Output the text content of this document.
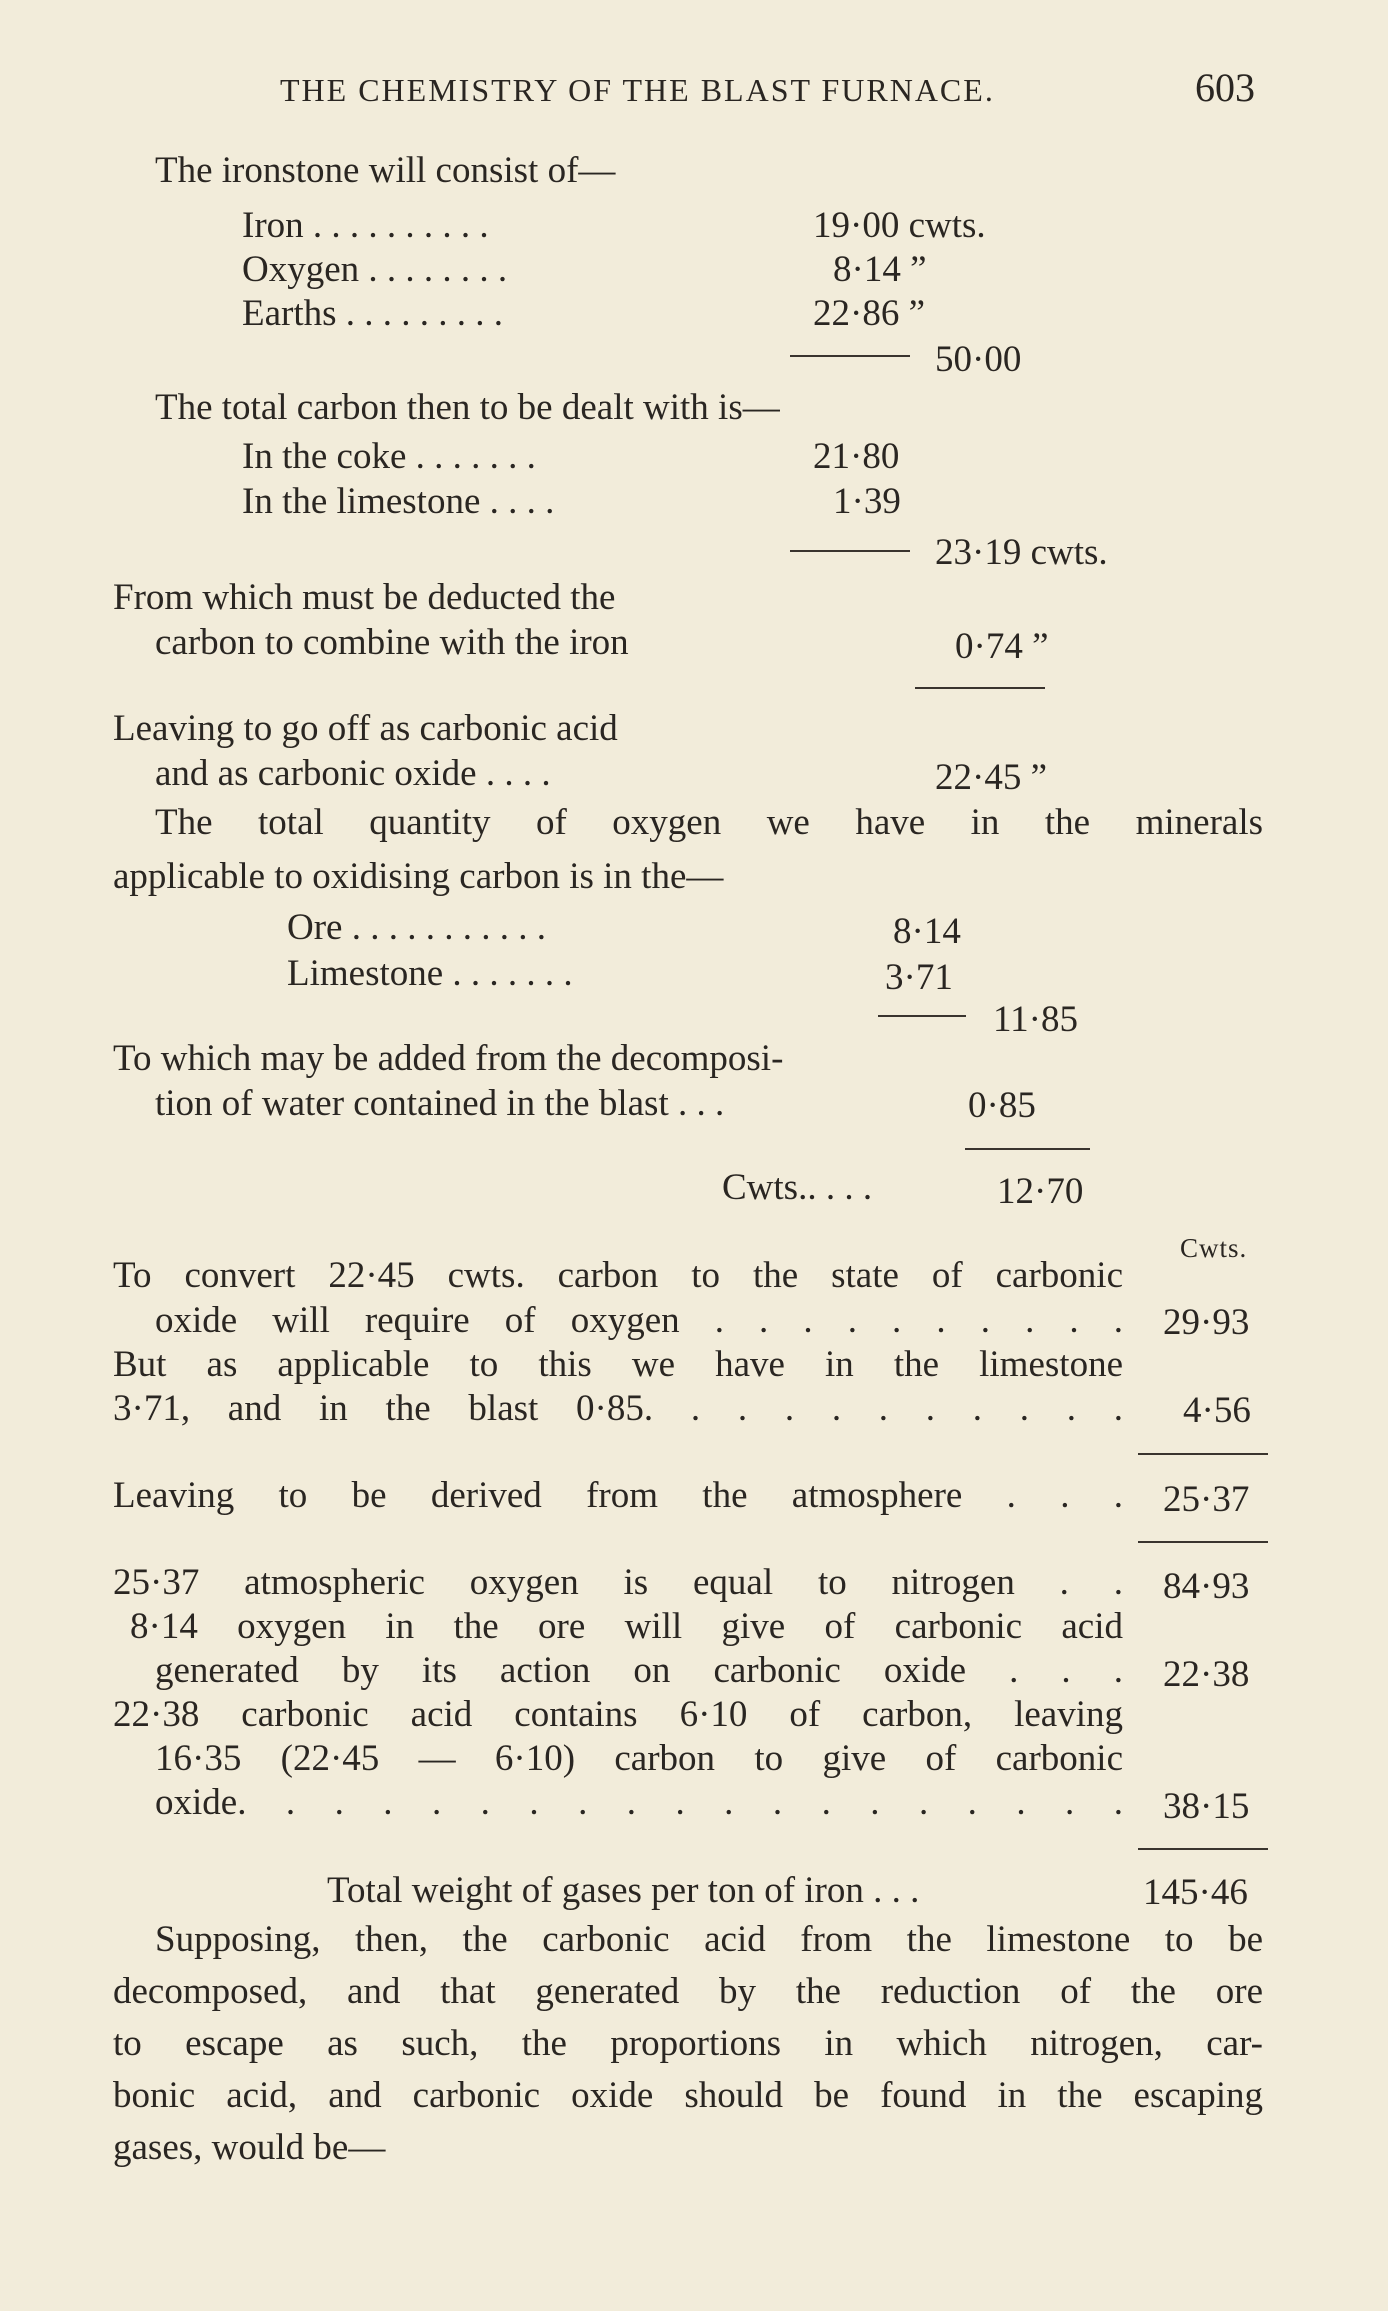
THE CHEMISTRY OF THE BLAST FURNACE.	603
The ironstone will consist of—
Iron . . . . . . . . . .	19·00 cwts.
Oxygen . . . . . . . .	8·14 ”
Earths . . . . . . . . .	22·86 ”
50·00
The total carbon then to be dealt with is—
In the coke . . . . . . .	21·80
In the limestone . . . .	1·39
23·19 cwts.
From which must be deducted the
carbon to combine with the iron	0·74 ”
Leaving to go off as carbonic acid
and as carbonic oxide . . . .	22·45 ”
The total quantity of oxygen we have in the minerals
applicable to oxidising carbon is in the—
Ore . . . . . . . . . . .	8·14
Limestone . . . . . . .	3·71
11·85
To which may be added from the decomposi-
tion of water contained in the blast . . .	0·85
Cwts.. . . .	12·70
Cwts.
To convert 22·45 cwts. carbon to the state of carbonic
oxide will require of oxygen . . . . . . . . . . 29·93
But as applicable to this we have in the limestone
3·71, and in the blast 0·85. . . . . . . . . . . 4·56
Leaving to be derived from the atmosphere . . . 25·37
25·37 atmospheric oxygen is equal to nitrogen . . 84·93
8·14 oxygen in the ore will give of carbonic acid
generated by its action on carbonic oxide . . . 22·38
22·38 carbonic acid contains 6·10 of carbon, leaving
16·35 (22·45 — 6·10) carbon to give of carbonic
oxide. . . . . . . . . . . . . . . . . . . 38·15
Total weight of gases per ton of iron . . .	145·46
Supposing, then, the carbonic acid from the limestone to be
decomposed, and that generated by the reduction of the ore
to escape as such, the proportions in which nitrogen, car-
bonic acid, and carbonic oxide should be found in the escaping
gases, would be—
